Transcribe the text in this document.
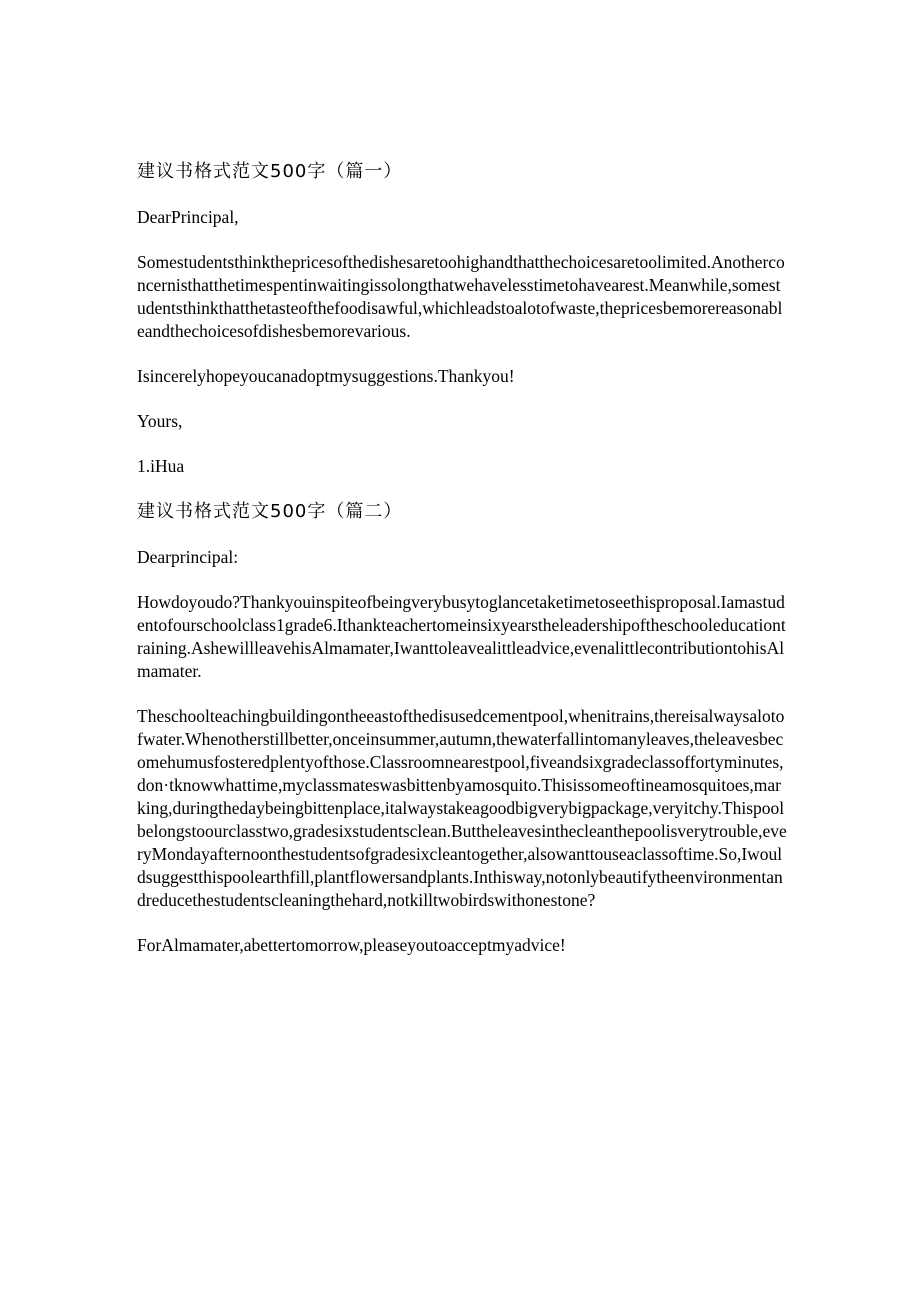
建议书格式范文500字（篇一）
DearPrincipal,
Somestudentsthinkthepricesofthedishesaretoohighandthatthechoicesaretoolimited.Anotherconcernisthatthetimespentinwaitingissolongthatwehavelesstimetohavearest.Meanwhile,somestudentsthinkthatthetasteofthefoodisawful,whichleadstoalotofwaste,thepricesbemorereasonableandthechoicesofdishesbemorevarious.
Isincerelyhopeyoucanadoptmysuggestions.Thankyou!
Yours,
1.iHua
建议书格式范文500字（篇二）
Dearprincipal:
Howdoyoudo?Thankyouinspiteofbeingverybusytoglancetaketimetoseethisproposal.Iamastudentofourschoolclass1grade6.Ithankteachertomeinsixyearstheleadershipoftheschooleducationtraining.AshewillleavehisAlmamater,Iwanttoleavealittleadvice,evenalittlecontributiontohisAlmamater.
Theschoolteachingbuildingontheeastofthedisusedcementpool,whenitrains,thereisalwaysalotofwater.Whenotherstillbetter,onceinsummer,autumn,thewaterfallintomanyleaves,theleavesbecomehumusfosteredplentyofthose.Classroomnearestpool,fiveandsixgradeclassoffortyminutes,don·tknowwhattime,myclassmateswasbittenbyamosquito.Thisissomeoftineamosquitoes,marking,duringthedaybeingbittenplace,italwaystakeagoodbigverybigpackage,veryitchy.Thispoolbelongstoourclasstwo,gradesixstudentsclean.Buttheleavesinthecleanthepoolisverytrouble,everyMondayafternoonthestudentsofgradesixcleantogether,alsowanttouseaclassoftime.So,Iwouldsuggestthispoolearthfill,plantflowersandplants.Inthisway,notonlybeautifytheenvironmentandreducethestudentscleaningthehard,notkilltwobirdswithonestone?
ForAlmamater,abettertomorrow,pleaseyoutoacceptmyadvice!
